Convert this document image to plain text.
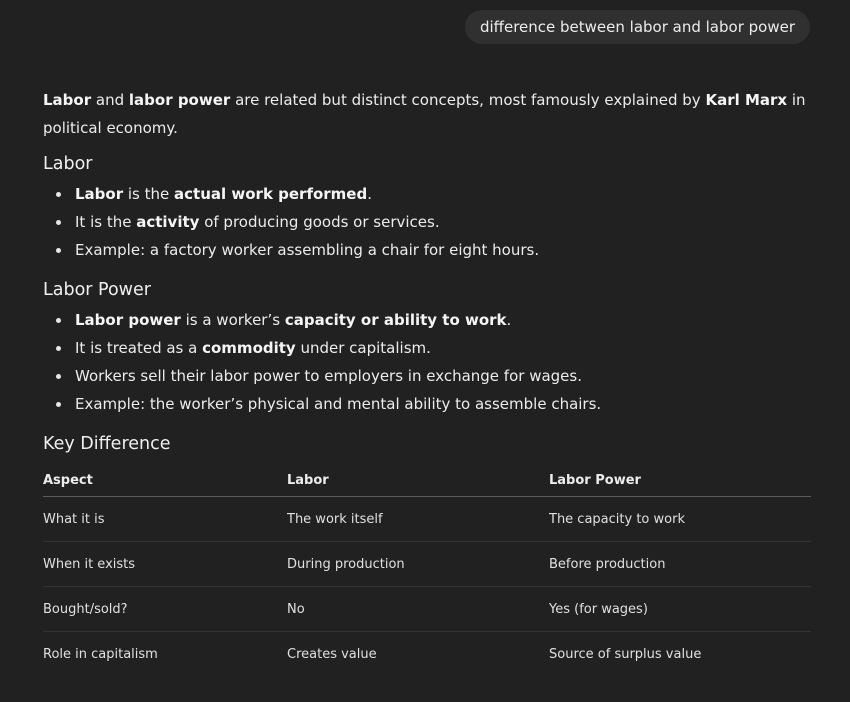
difference between labor and labor power

Labor and labor power are related but distinct concepts, most famously explained by Karl Marx in political economy.

Labor
Labor is the actual work performed.
It is the activity of producing goods or services.
Example: a factory worker assembling a chair for eight hours.
Labor Power
Labor power is a worker’s capacity or ability to work.
It is treated as a commodity under capitalism.
Workers sell their labor power to employers in exchange for wages.
Example: the worker’s physical and mental ability to assemble chairs.
Key Difference
Aspect	Labor	Labor Power
What it is	The work itself	The capacity to work
When it exists	During production	Before production
Bought/sold?	No	Yes (for wages)
Role in capitalism	Creates value	Source of surplus value
